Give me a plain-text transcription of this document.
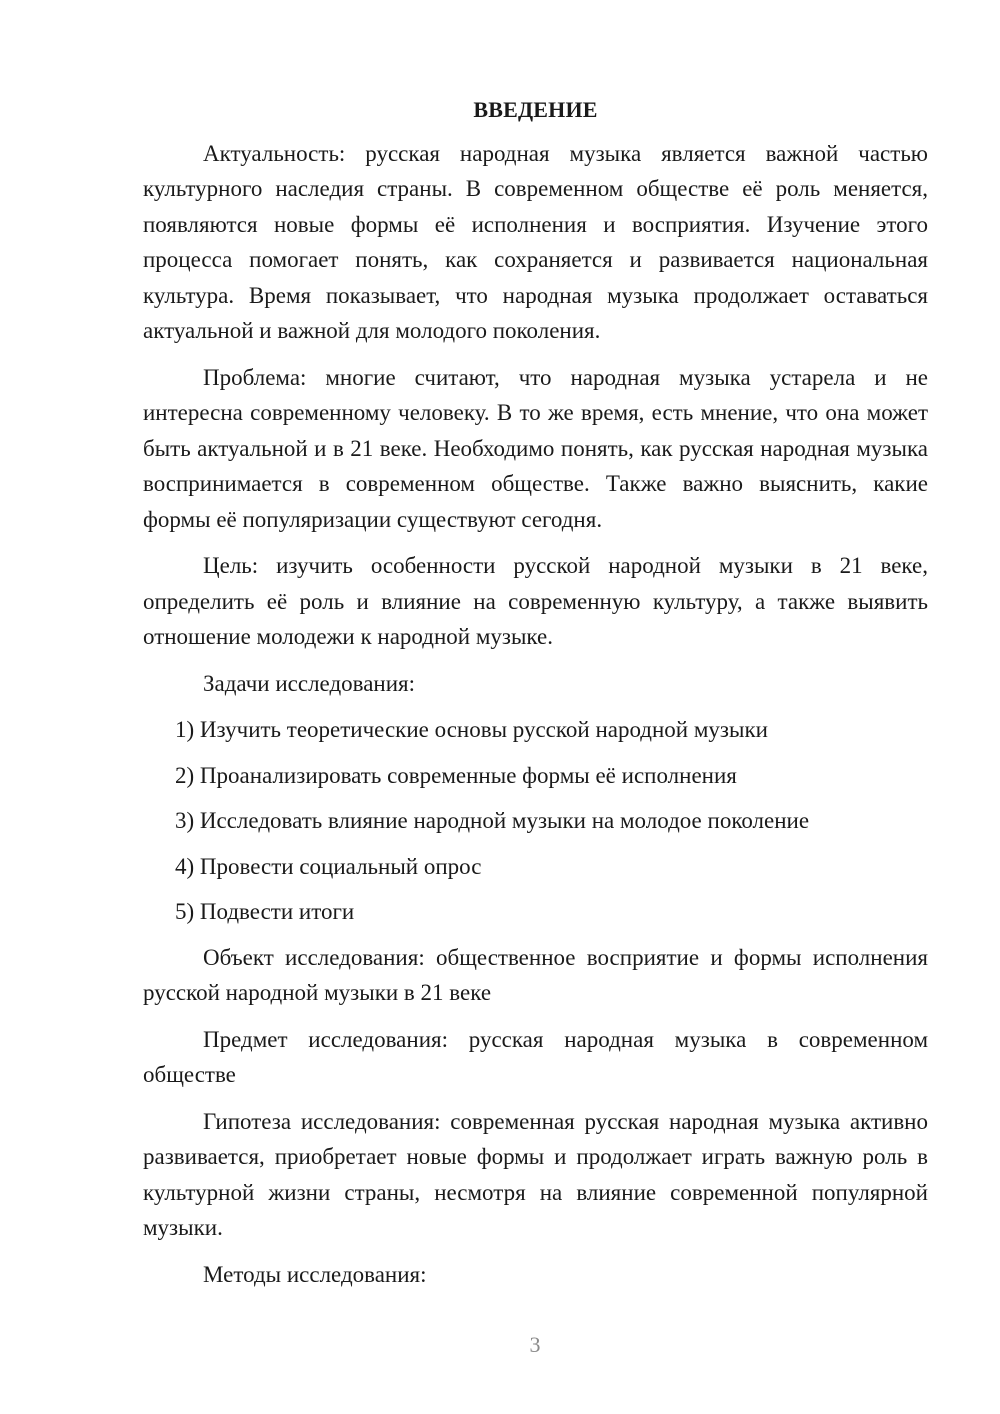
ВВЕДЕНИЕ

Актуальность: русская народная музыка является важной частью культурного наследия страны. В современном обществе её роль меняется, появляются новые формы её исполнения и восприятия. Изучение этого процесса помогает понять, как сохраняется и развивается национальная культура. Время показывает, что народная музыка продолжает оставаться актуальной и важной для молодого поколения.

Проблема: многие считают, что народная музыка устарела и не интересна современному человеку. В то же время, есть мнение, что она может быть актуальной и в 21 веке. Необходимо понять, как русская народная музыка воспринимается в современном обществе. Также важно выяснить, какие формы её популяризации существуют сегодня.

Цель: изучить особенности русской народной музыки в 21 веке, определить её роль и влияние на современную культуру, а также выявить отношение молодежи к народной музыке.

Задачи исследования:

1) Изучить теоретические основы русской народной музыки
2) Проанализировать современные формы её исполнения
3) Исследовать влияние народной музыки на молодое поколение
4) Провести социальный опрос
5) Подвести итоги

Объект исследования: общественное восприятие и формы исполнения русской народной музыки в 21 веке

Предмет исследования: русская народная музыка в современном обществе

Гипотеза исследования: современная русская народная музыка активно развивается, приобретает новые формы и продолжает играть важную роль в культурной жизни страны, несмотря на влияние современной популярной музыки.

Методы исследования:

3
